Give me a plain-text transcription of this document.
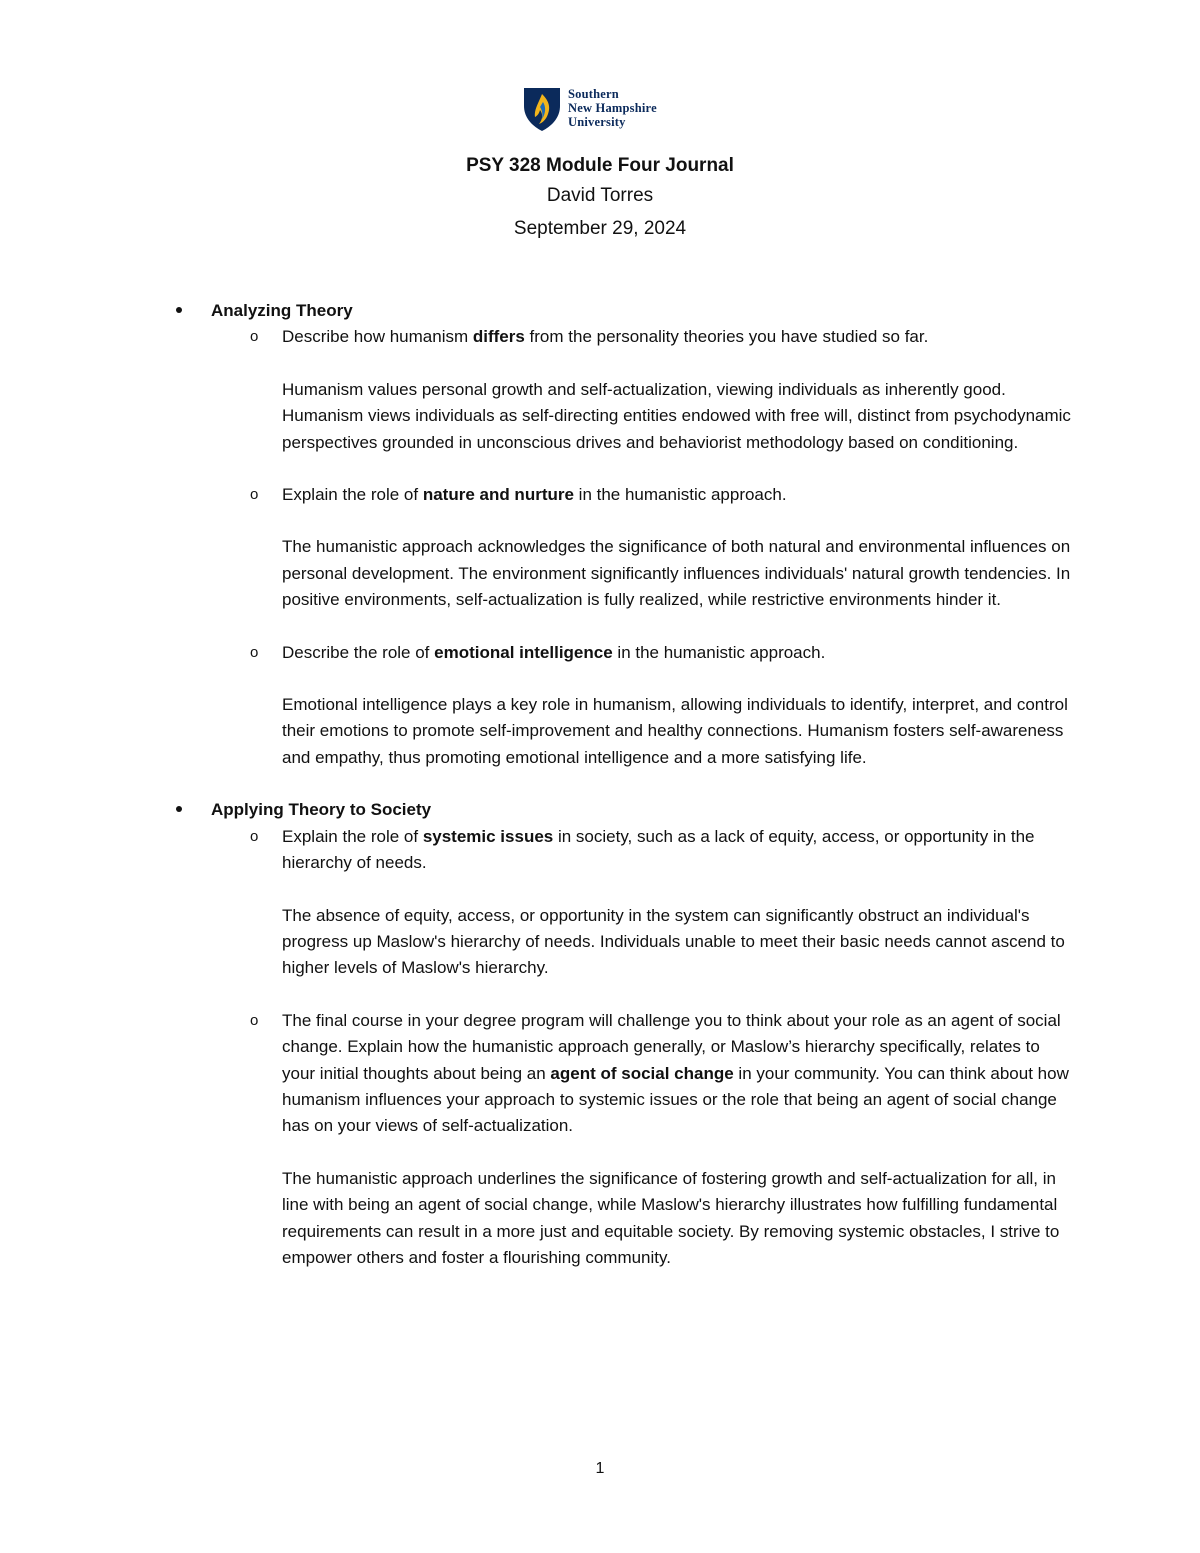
Southern
New Hampshire
University
PSY 328 Module Four Journal
David Torres
September 29, 2024
Analyzing Theory
o Describe how humanism differs from the personality theories you have studied so far.
Humanism values personal growth and self-actualization, viewing individuals as inherently good. Humanism views individuals as self-directing entities endowed with free will, distinct from psychodynamic perspectives grounded in unconscious drives and behaviorist methodology based on conditioning.
o Explain the role of nature and nurture in the humanistic approach.
The humanistic approach acknowledges the significance of both natural and environmental influences on personal development. The environment significantly influences individuals' natural growth tendencies. In positive environments, self-actualization is fully realized, while restrictive environments hinder it.
o Describe the role of emotional intelligence in the humanistic approach.
Emotional intelligence plays a key role in humanism, allowing individuals to identify, interpret, and control their emotions to promote self-improvement and healthy connections. Humanism fosters self-awareness and empathy, thus promoting emotional intelligence and a more satisfying life.
Applying Theory to Society
o Explain the role of systemic issues in society, such as a lack of equity, access, or opportunity in the hierarchy of needs.
The absence of equity, access, or opportunity in the system can significantly obstruct an individual's progress up Maslow's hierarchy of needs. Individuals unable to meet their basic needs cannot ascend to higher levels of Maslow's hierarchy.
o The final course in your degree program will challenge you to think about your role as an agent of social change. Explain how the humanistic approach generally, or Maslow’s hierarchy specifically, relates to your initial thoughts about being an agent of social change in your community. You can think about how humanism influences your approach to systemic issues or the role that being an agent of social change has on your views of self-actualization.
The humanistic approach underlines the significance of fostering growth and self-actualization for all, in line with being an agent of social change, while Maslow's hierarchy illustrates how fulfilling fundamental requirements can result in a more just and equitable society. By removing systemic obstacles, I strive to empower others and foster a flourishing community.
1
